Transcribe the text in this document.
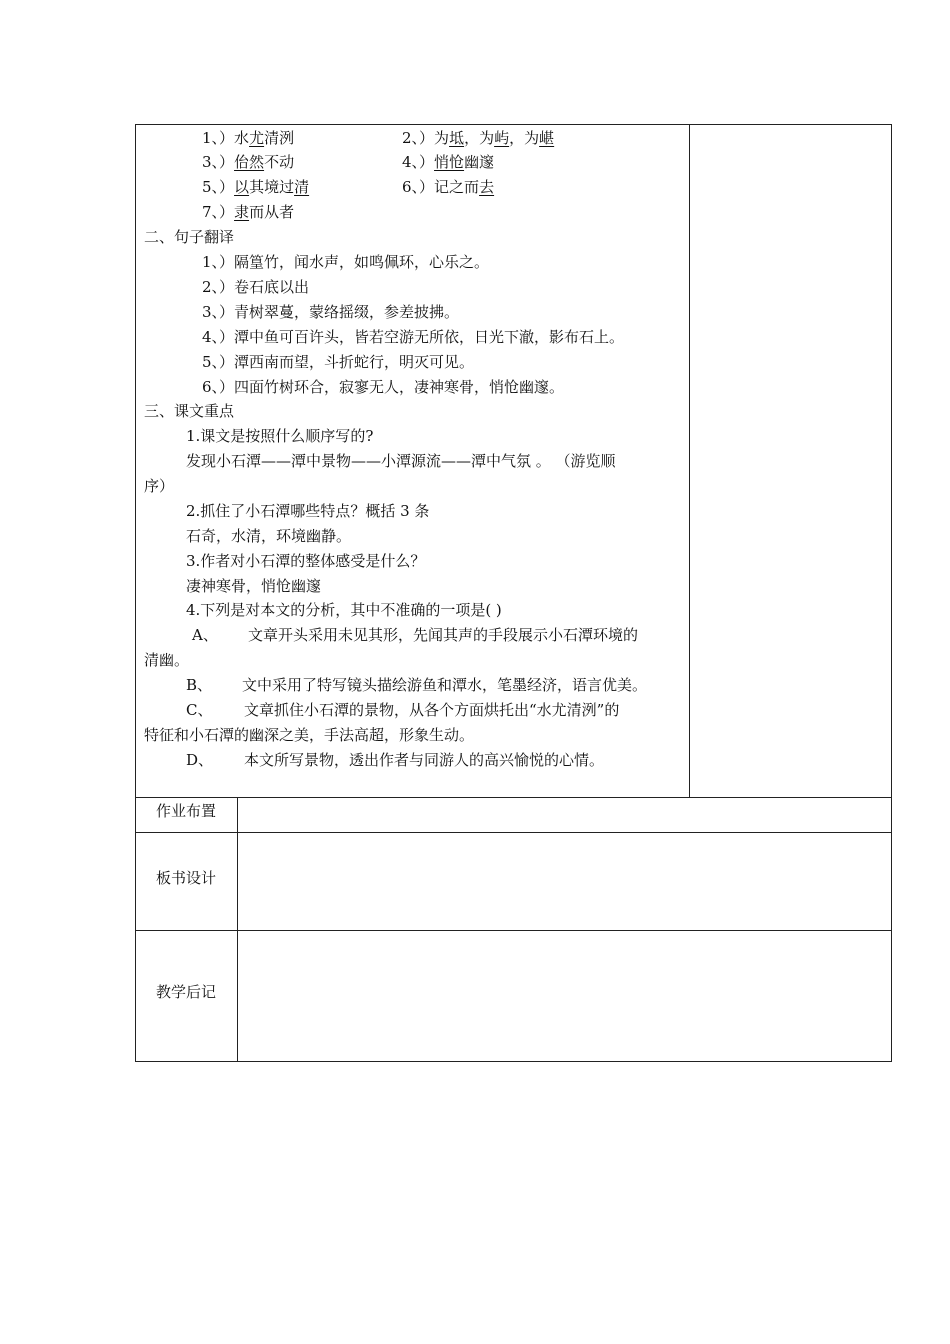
1、）水尤清洌	2、）为坻，为屿，为嵁
3、）佁然不动	4、）悄怆幽邃
5、）以其境过清	6、）记之而去
7、）隶而从者
二、句子翻译
1、）隔篁竹，闻水声，如鸣佩环，心乐之。
2、）卷石底以出
3、）青树翠蔓，蒙络摇缀，参差披拂。
4、）潭中鱼可百许头，皆若空游无所依，日光下澈，影布石上。
5、）潭西南而望，斗折蛇行，明灭可见。
6、）四面竹树环合，寂寥无人，凄神寒骨，悄怆幽邃。
三、课文重点
1.课文是按照什么顺序写的?
发现小石潭——潭中景物——小潭源流——潭中气氛 。 （游览顺
序）
2.抓住了小石潭哪些特点？概括 3 条
石奇，水清，环境幽静。
3.作者对小石潭的整体感受是什么？
凄神寒骨，悄怆幽邃
4.下列是对本文的分析，其中不准确的一项是( )
A、 文章开头采用未见其形，先闻其声的手段展示小石潭环境的
清幽。
B、 文中采用了特写镜头描绘游鱼和潭水，笔墨经济，语言优美。
C、 文章抓住小石潭的景物，从各个方面烘托出“水尤清洌”的
特征和小石潭的幽深之美，手法高超，形象生动。
D、 本文所写景物，透出作者与同游人的高兴愉悦的心情。
作业布置
板书设计
教学后记
